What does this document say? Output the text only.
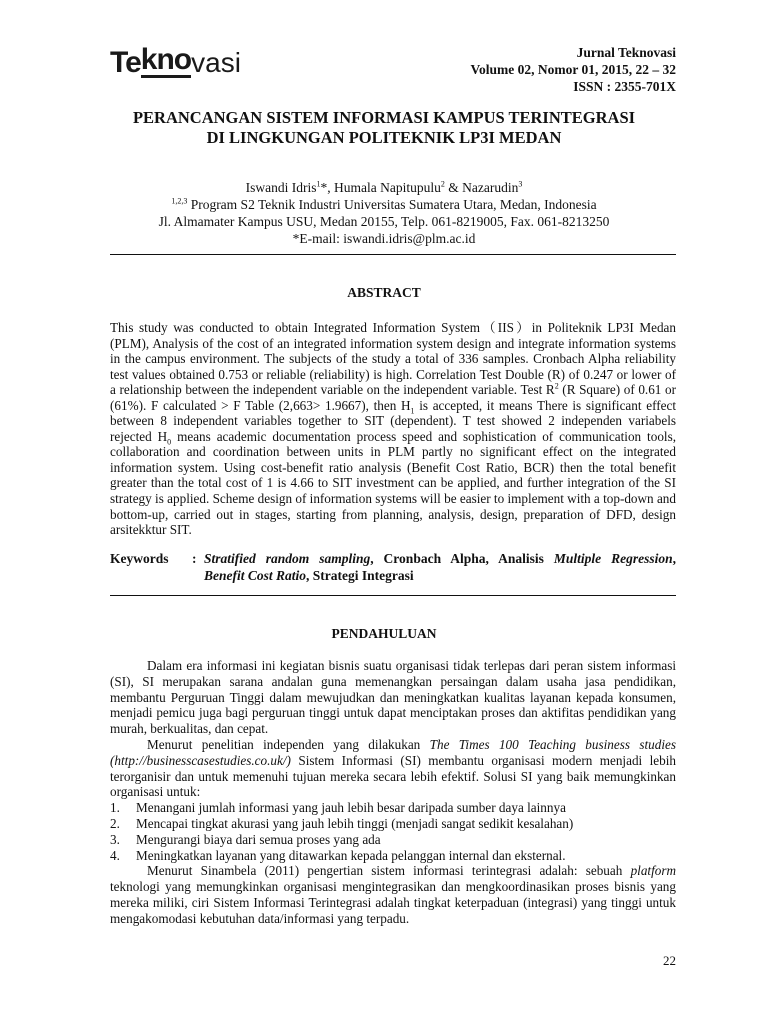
Te kno vasi	Jurnal Teknovasi
Volume 02, Nomor 01, 2015, 22 – 32
ISSN : 2355-701X
PERANCANGAN SISTEM INFORMASI KAMPUS TERINTEGRASI
DI LINGKUNGAN POLITEKNIK LP3I MEDAN
Iswandi Idris$^1$*, Humala Napitupulu$^2$ & Nazarudin$^3$
$^{1,2,3}$ Program S2 Teknik Industri Universitas Sumatera Utara, Medan, Indonesia
Jl. Almamater Kampus USU, Medan 20155, Telp. 061-8219005, Fax. 061-8213250
*E-mail: iswandi.idris@plm.ac.id
ABSTRACT
This study was conducted to obtain Integrated Information System（IIS）in Politeknik LP3I Medan (PLM), Analysis of the cost of an integrated information system design and integrate information systems in the campus environment. The subjects of the study a total of 336 samples. Cronbach Alpha reliability test values obtained 0.753 or reliable (reliability) is high. Correlation Test Double (R) of 0.247 or lower of a relationship between the independent variable on the independent variable. Test $R^2$ (R Square) of 0.61 or (61%). F calculated > F Table (2,663> 1.9667), then $H_1$ is accepted, it means There is significant effect between 8 independent variables together to SIT (dependent). T test showed 2 independen variabels rejected $H_0$ means academic documentation process speed and sophistication of communication tools, collaboration and coordination between units in PLM partly no significant effect on the integrated information system. Using cost-benefit ratio analysis (Benefit Cost Ratio, BCR) then the total benefit greater than the total cost of 1 is 4.66 to SIT investment can be applied, and further integration of the SI strategy is applied. Scheme design of information systems will be easier to implement with a top-down and bottom-up, carried out in stages, starting from planning, analysis, design, preparation of DFD, design arsitekktur SIT.
Keywords	: Stratified random sampling, Cronbach Alpha, Analisis Multiple Regression,
Benefit Cost Ratio, Strategi Integrasi
PENDAHULUAN

Dalam era informasi ini kegiatan bisnis suatu organisasi tidak terlepas dari peran sistem informasi (SI), SI merupakan sarana andalan guna memenangkan persaingan dalam usaha jasa pendidikan, membantu Perguruan Tinggi dalam mewujudkan dan meningkatkan kualitas layanan kepada konsumen, menjadi pemicu juga bagi perguruan tinggi untuk dapat menciptakan proses dan aktifitas pendidikan yang murah, berkualitas, dan cepat.

Menurut penelitian independen yang dilakukan The Times 100 Teaching business studies (http://businesscasestudies.co.uk/) Sistem Informasi (SI) membantu organisasi modern menjadi lebih terorganisir dan untuk memenuhi tujuan mereka secara lebih efektif. Solusi SI yang baik memungkinkan organisasi untuk:

1.	Menangani jumlah informasi yang jauh lebih besar daripada sumber daya lainnya
2.	Mencapai tingkat akurasi yang jauh lebih tinggi (menjadi sangat sedikit kesalahan)
3.	Mengurangi biaya dari semua proses yang ada
4.	Meningkatkan layanan yang ditawarkan kepada pelanggan internal dan eksternal.

Menurut Sinambela (2011) pengertian sistem informasi terintegrasi adalah: sebuah platform teknologi yang memungkinkan organisasi mengintegrasikan dan mengkoordinasikan proses bisnis yang mereka miliki, ciri Sistem Informasi Terintegrasi adalah tingkat keterpaduan (integrasi) yang tinggi untuk mengakomodasi kebutuhan data/informasi yang terpadu.

22
